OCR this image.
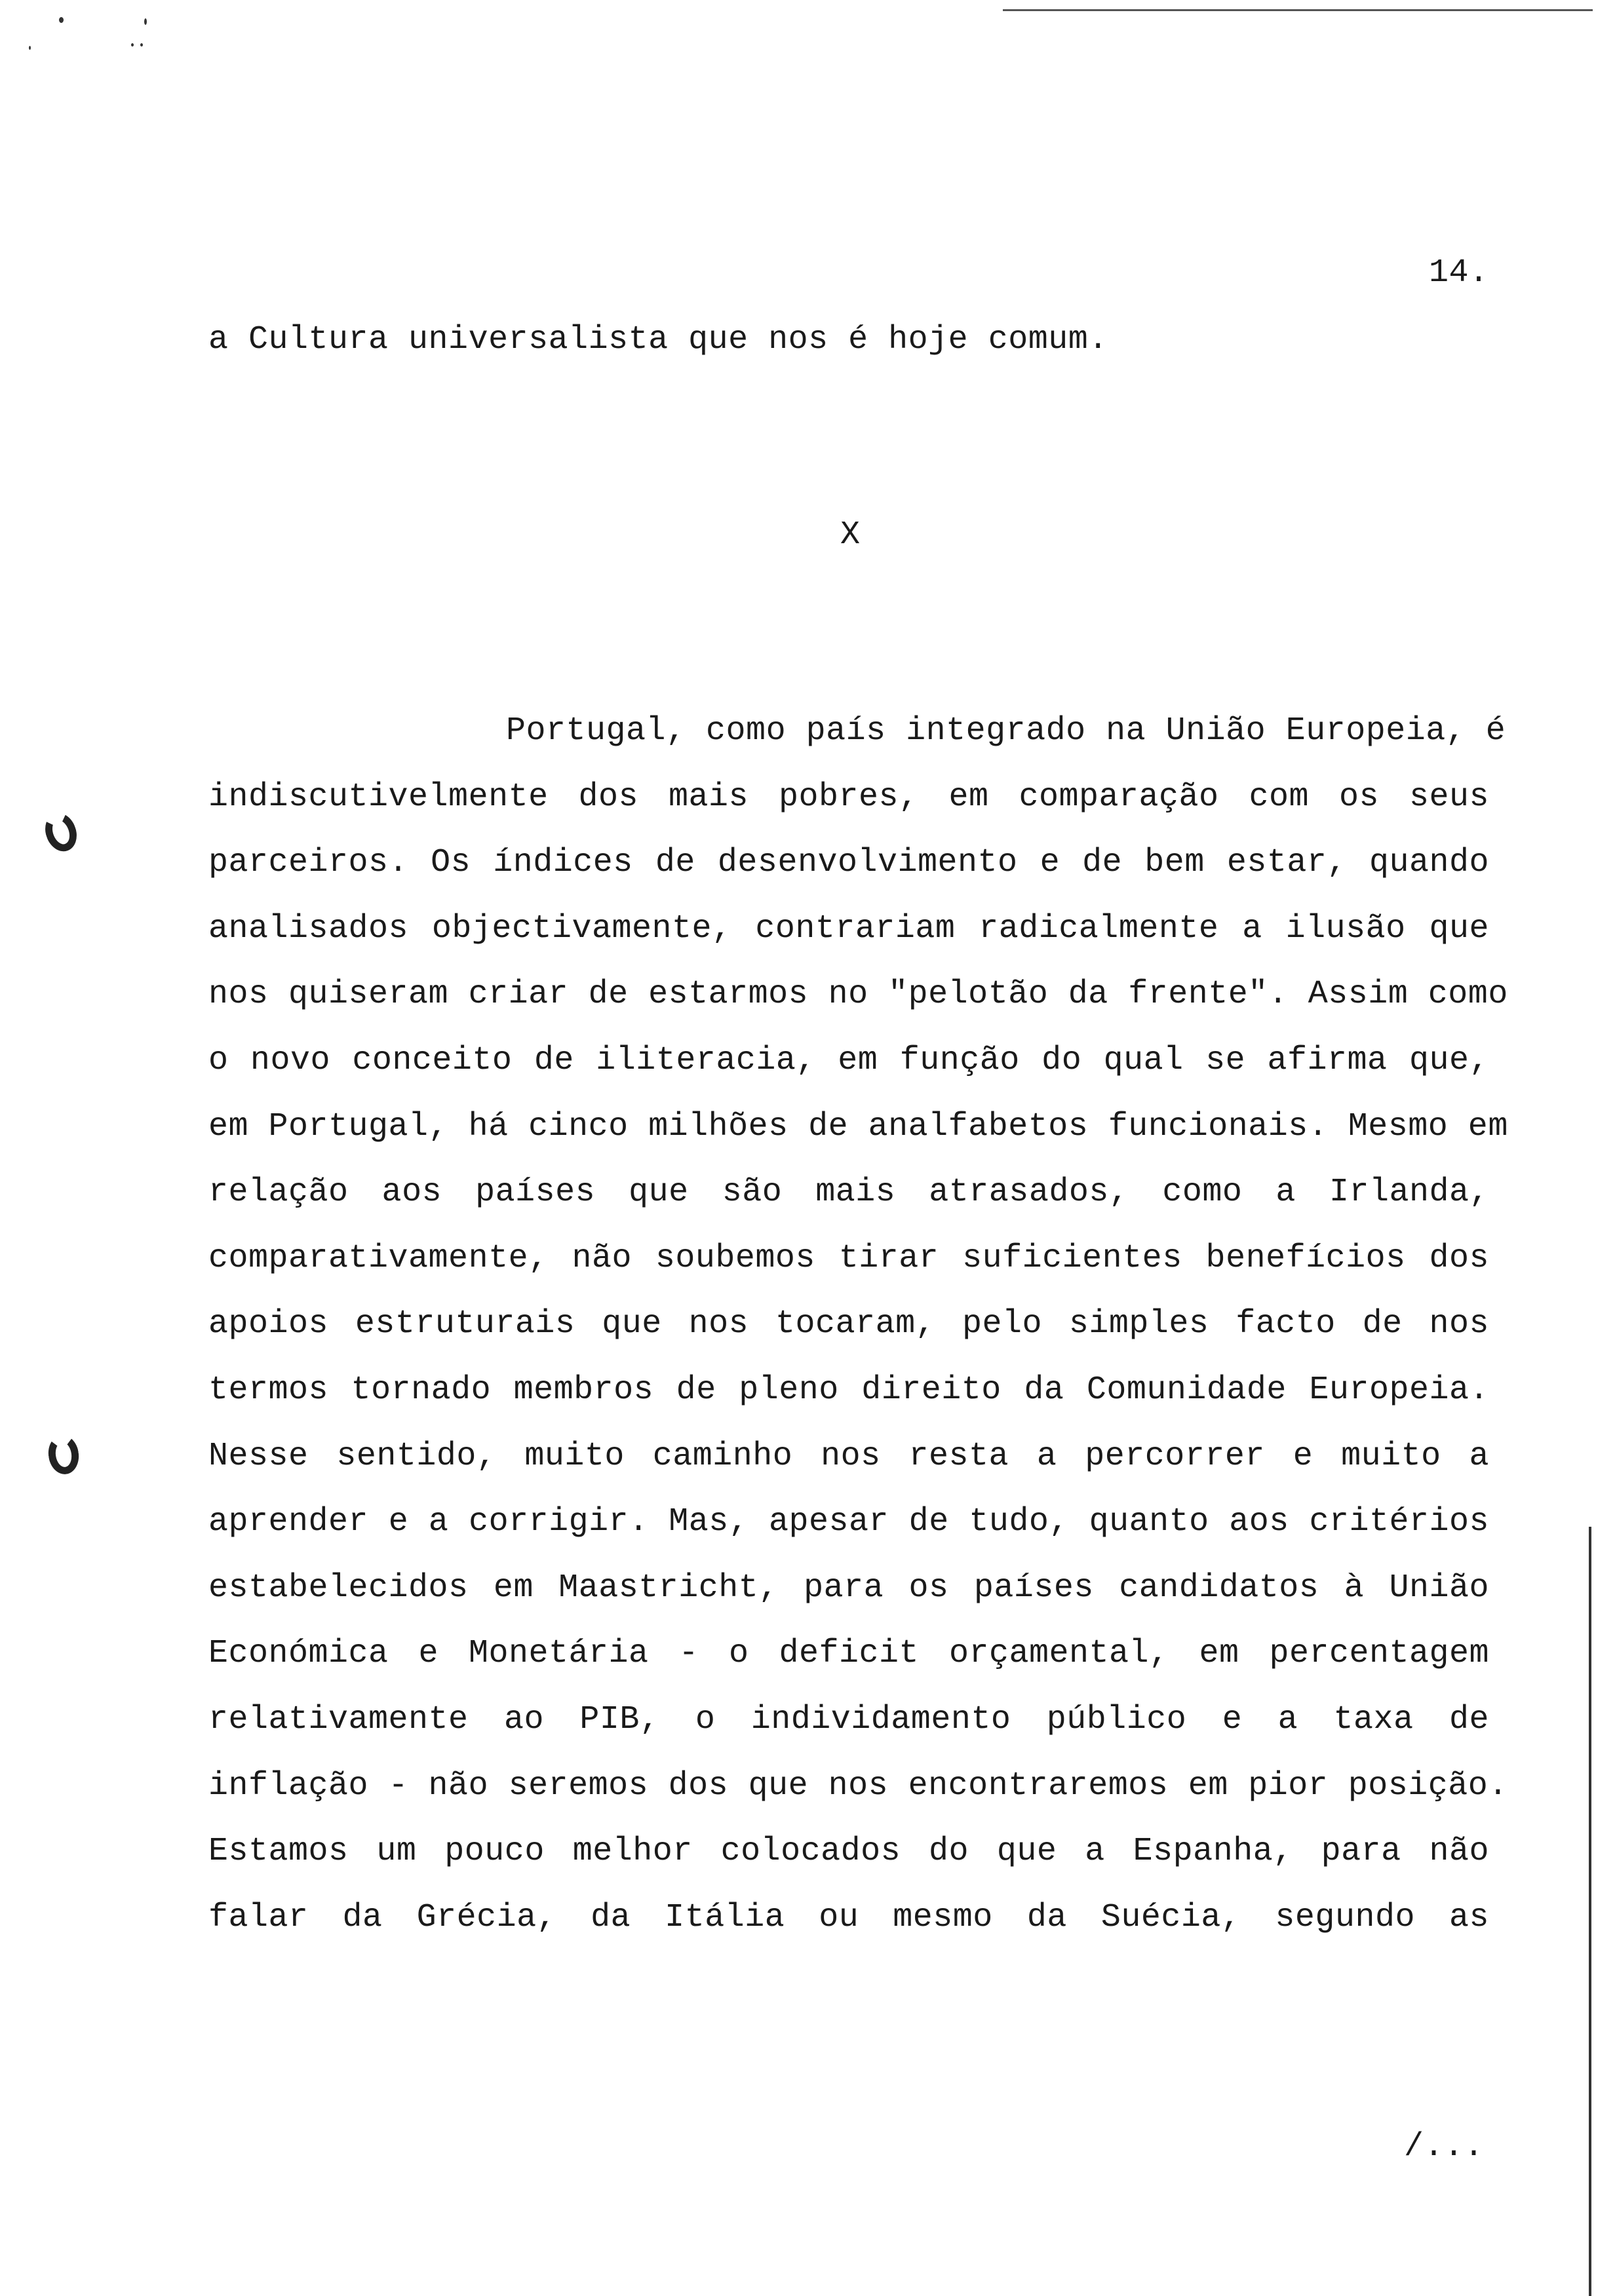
14.
a Cultura universalista que nos é hoje comum.
X
Portugal, como país integrado na União Europeia, é
indiscutivelmente dos mais pobres, em comparação com os seus
parceiros. Os índices de desenvolvimento e de bem estar, quando
analisados objectivamente, contrariam radicalmente a ilusão que
nos quiseram criar de estarmos no "pelotão da frente". Assim como
o novo conceito de iliteracia, em função do qual se afirma que,
em Portugal, há cinco milhões de analfabetos funcionais. Mesmo em
relação aos países que são mais atrasados, como a Irlanda,
comparativamente, não soubemos tirar suficientes benefícios dos
apoios estruturais que nos tocaram, pelo simples facto de nos
termos tornado membros de pleno direito da Comunidade Europeia.
Nesse sentido, muito caminho nos resta a percorrer e muito a
aprender e a corrigir. Mas, apesar de tudo, quanto aos critérios
estabelecidos em Maastricht, para os países candidatos à União
Económica e Monetária - o deficit orçamental, em percentagem
relativamente ao PIB, o individamento público e a taxa de
inflação - não seremos dos que nos encontraremos em pior posição.
Estamos um pouco melhor colocados do que a Espanha, para não
falar da Grécia, da Itália ou mesmo da Suécia, segundo as
/...
